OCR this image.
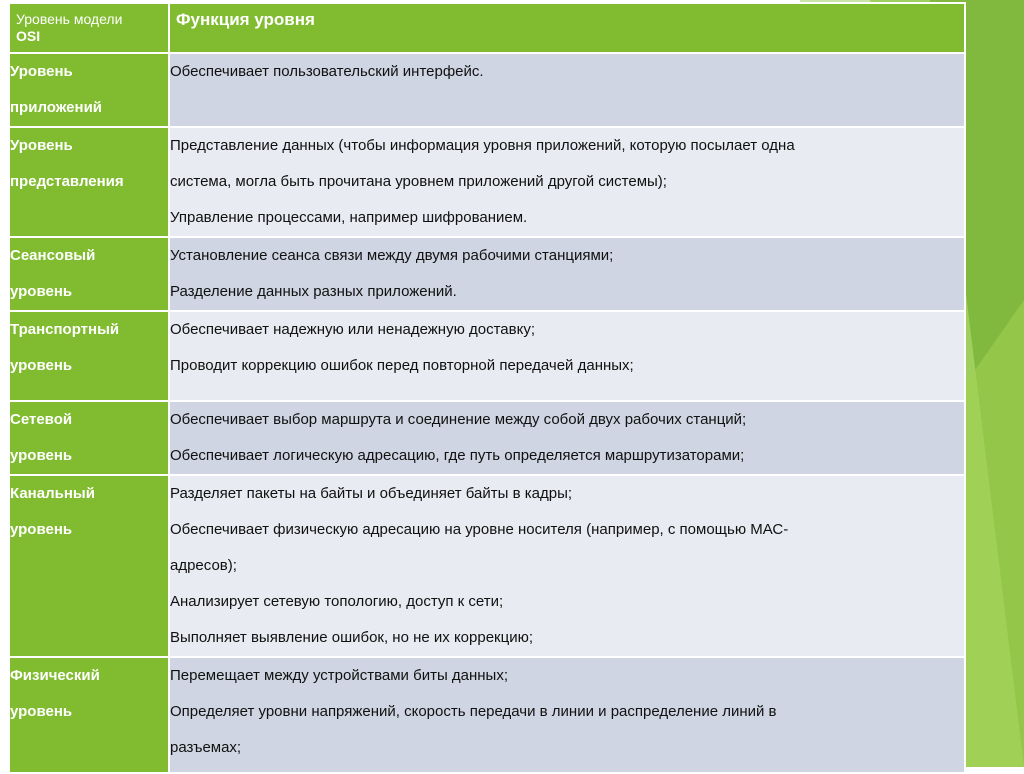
Уровень модели
OSI	Функция уровня

Уровень
приложений	Обеспечивает пользовательский интерфейс.

Уровень
представления	Представление данных (чтобы информация уровня приложений, которую посылает одна
система, могла быть прочитана уровнем приложений другой системы);
Управление процессами, например шифрованием.

Сеансовый
уровень	Установление сеанса связи между двумя рабочими станциями;
Разделение данных разных приложений.

Транспортный
уровень	Обеспечивает надежную или ненадежную доставку;
Проводит коррекцию ошибок перед повторной передачей данных;

Сетевой
уровень	Обеспечивает выбор маршрута и соединение между собой двух рабочих станций;
Обеспечивает логическую адресацию, где путь определяется маршрутизаторами;

Канальный
уровень	Разделяет пакеты на байты и объединяет байты в кадры;
Обеспечивает физическую адресацию на уровне носителя (например, с помощью МАС-
адресов);
Анализирует сетевую топологию, доступ к сети;
Выполняет выявление ошибок, но не их коррекцию;

Физический
уровень	Перемещает между устройствами биты данных;
Определяет уровни напряжений, скорость передачи в линии и распределение линий в
разъемах;
